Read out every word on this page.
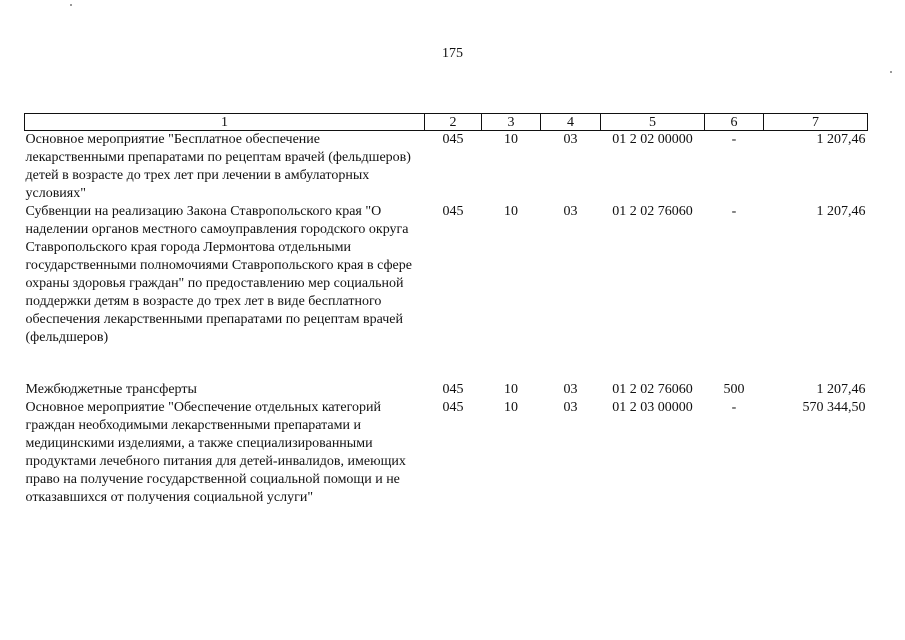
175
1	2	3	4	5	6	7
Основное мероприятие "Бесплатное обеспечение лекарственными препаратами по рецептам врачей (фельдшеров) детей в возрасте до трех лет при лечении в амбулаторных условиях"	045	10	03	01 2 02 00000	-	1 207,46
Субвенции на реализацию Закона Ставропольского края "О наделении органов местного самоуправления городского округа Ставропольского края города Лермонтова отдельными государственными полномочиями Ставропольского края в сфере охраны здоровья граждан" по предоставлению мер социальной поддержки детям в возрасте до трех лет в виде бесплатного обеспечения лекарственными препаратами по рецептам врачей (фельдшеров)	045	10	03	01 2 02 76060	-	1 207,46
Межбюджетные трансферты	045	10	03	01 2 02 76060	500	1 207,46
Основное мероприятие "Обеспечение отдельных категорий граждан необходимыми лекарственными препаратами и медицинскими изделиями, а также специализированными продуктами лечебного питания для детей-инвалидов, имеющих право на получение государственной социальной помощи и не отказавшихся от получения социальной услуги"	045	10	03	01 2 03 00000	-	570 344,50
